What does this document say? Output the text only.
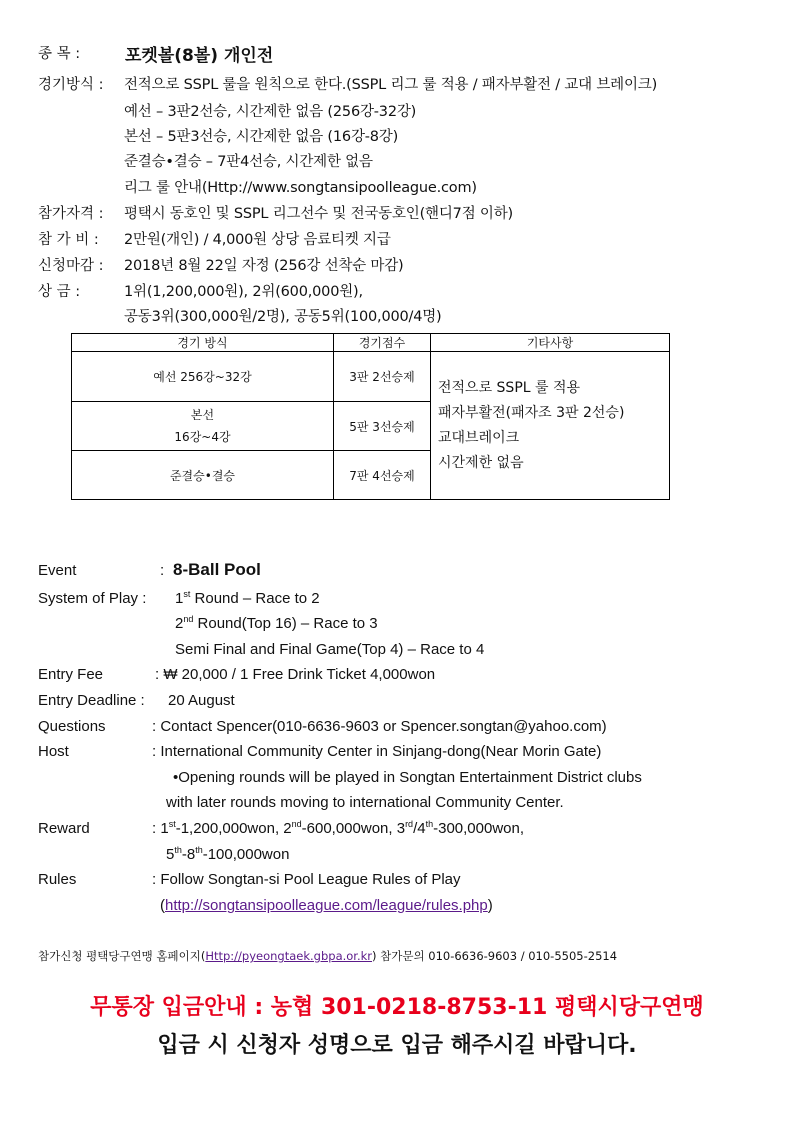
종 목 :	포켓볼(8볼) 개인전
경기방식 : 전적으로 SSPL 룰을 원칙으로 한다.(SSPL 리그 룰 적용 / 패자부활전 / 교대 브레이크)
예선 – 3판2선승, 시간제한 없음 (256강-32강)
본선 – 5판3선승, 시간제한 없음 (16강-8강)
준결승•결승 – 7판4선승, 시간제한 없음
리그 룰 안내(Http://www.songtansipoolleague.com)
참가자격 : 평택시 동호인 및 SSPL 리그선수 및 전국동호인(핸디7점 이하)
참 가 비 : 2만원(개인) / 4,000원 상당 음료티켓 지급
신청마감 : 2018년 8월 22일 자정 (256강 선착순 마감)
상 금 :	1위(1,200,000원), 2위(600,000원),
공동3위(300,000원/2명), 공동5위(100,000/4명)
경기 방식	경기점수	기타사항
예선 256강~32강	3판 2선승제	전적으로 SSPL 룰 적용
패자부활전(패자조 3판 2선승)
교대브레이크
시간제한 없음

본선
16강~4강	5판 3선승제	
준결승•결승	7판 4선승제	
Event	: 8-Ball Pool
System of Play : 1st Round – Race to 2
2nd Round(Top 16) – Race to 3
Semi Final and Final Game(Top 4) – Race to 4
Entry Fee	: ₩ 20,000 / 1 Free Drink Ticket 4,000won
Entry Deadline : 20 August
Questions	: Contact Spencer(010-6636-9603 or Spencer.songtan@yahoo.com)
Host	: International Community Center in Sinjang-dong(Near Morin Gate)
•Opening rounds will be played in Songtan Entertainment District clubs
with later rounds moving to international Community Center.
Reward	: 1st-1,200,000won, 2nd-600,000won, 3rd/4th-300,000won,
5th-8th-100,000won
Rules	: Follow Songtan-si Pool League Rules of Play
(http://songtansipoolleague.com/league/rules.php)
참가신청 평택당구연맹 홈페이지(Http://pyeongtaek.gbpa.or.kr) 참가문의 010-6636-9603 / 010-5505-2514
무통장 입금안내 : 농협 301-0218-8753-11 평택시당구연맹
입금 시 신청자 성명으로 입금 해주시길 바랍니다.
